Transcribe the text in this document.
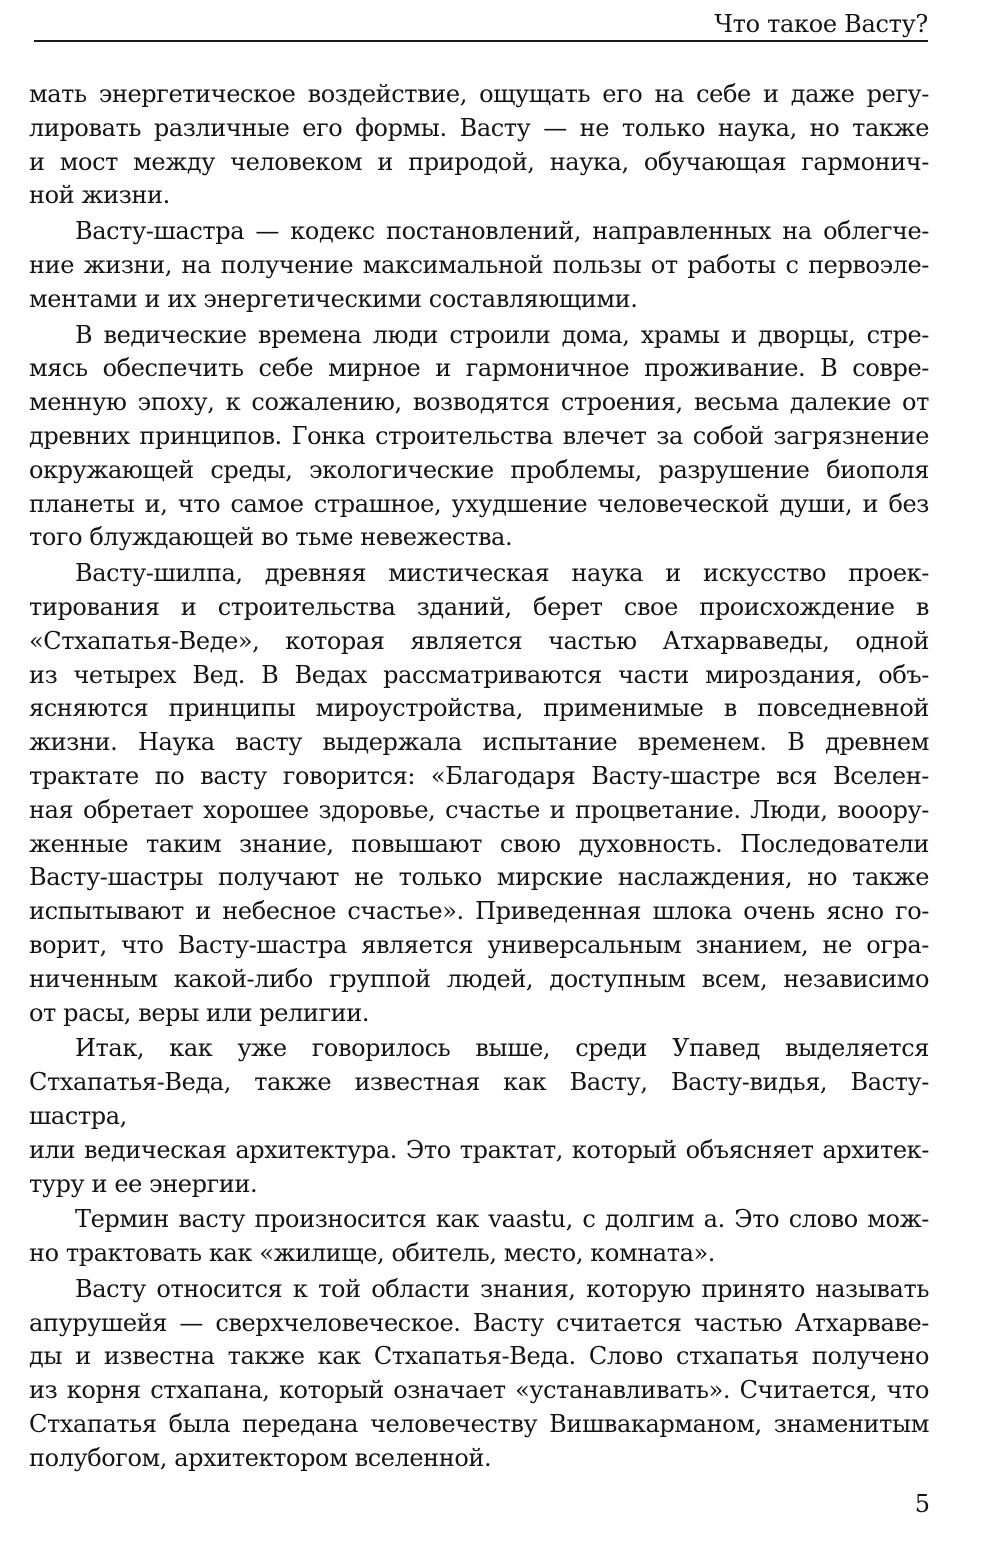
Что такое Васту?

мать энергетическое воздействие, ощущать его на себе и даже регу-
лировать различные его формы. Васту — не только наука, но также
и мост между человеком и природой, наука, обучающая гармонич-
ной жизни.

Васту-шастра — кодекс постановлений, направленных на облегче-
ние жизни, на получение максимальной пользы от работы с первоэле-
ментами и их энергетическими составляющими.

В ведические времена люди строили дома, храмы и дворцы, стре-
мясь обеспечить себе мирное и гармоничное проживание. В совре-
менную эпоху, к сожалению, возводятся строения, весьма далекие от
древних принципов. Гонка строительства влечет за собой загрязнение
окружающей среды, экологические проблемы, разрушение биополя
планеты и, что самое страшное, ухудшение человеческой души, и без
того блуждающей во тьме невежества.

Васту-шилпа, древняя мистическая наука и искусство проек-
тирования и строительства зданий, берет свое происхождение в
«Стхапатья-Веде», которая является частью Атхарваведы, одной
из четырех Вед. В Ведах рассматриваются части мироздания, объ-
ясняются принципы мироустройства, применимые в повседневной
жизни. Наука васту выдержала испытание временем. В древнем
трактате по васту говорится: «Благодаря Васту-шастре вся Вселен-
ная обретает хорошее здоровье, счастье и процветание. Люди, вооору-
женные таким знание, повышают свою духовность. Последователи
Васту-шастры получают не только мирские наслаждения, но также
испытывают и небесное счастье». Приведенная шлока очень ясно го-
ворит, что Васту-шастра является универсальным знанием, не огра-
ниченным какой-либо группой людей, доступным всем, независимо
от расы, веры или религии.

Итак, как уже говорилось выше, среди Упавед выделяется
Стхапатья-Веда, также известная как Васту, Васту-видья, Васту-шастра,
или ведическая архитектура. Это трактат, который объясняет архитек-
туру и ее энергии.

Термин васту произносится как vaastu, с долгим а. Это слово мож-
но трактовать как «жилище, обитель, место, комната».

Васту относится к той области знания, которую принято называть
апурушейя — сверхчеловеческое. Васту считается частью Атхарваве-
ды и известна также как Стхапатья-Веда. Слово стхапатья получено
из корня стхапана, который означает «устанавливать». Считается, что
Стхапатья была передана человечеству Вишвакарманом, знаменитым
полубогом, архитектором вселенной.

5
